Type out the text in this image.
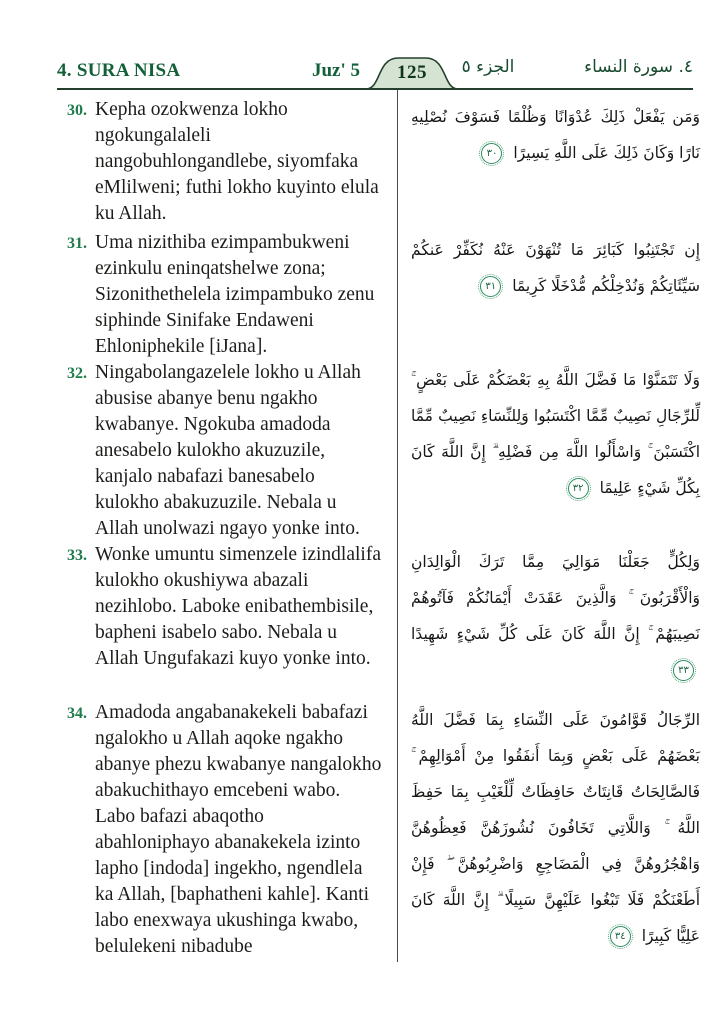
4. SURA NISA	Juz' 5	125	الجزء ٥	٤. سورة النساء
30. Kepha ozokwenza lokho ngokungalaleli nangobuhlongandlebe, siyomfaka eMlilweni; futhi lokho kuyinto elula ku Allah.

وَمَن يَفْعَلْ ذَلِكَ عُدْوَانًا وَظُلْمًا فَسَوْفَ نُصْلِيهِ نَارًا وَكَانَ ذَلِكَ عَلَى اللَّهِ يَسِيرًا ٣٠

31. Uma nizithiba ezimpambukweni ezinkulu eninqatshelwe zona; Sizonithethelela izimpambuko zenu siphinde Sinifake Endaweni Ehloniphekile [iJana].

إِن تَجْتَنِبُوا كَبَائِرَ مَا تُنْهَوْنَ عَنْهُ نُكَفِّرْ عَنكُمْ سَيِّئَاتِكُمْ وَنُدْخِلْكُم مُّدْخَلًا كَرِيمًا ٣١

32. Ningabolangazelele lokho u Allah abusise abanye benu ngakho kwabanye. Ngokuba amadoda anesabelo kulokho akuzuzile, kanjalo nabafazi banesabelo kulokho abakuzuzile. Nebala u Allah unolwazi ngayo yonke into.

وَلَا تَتَمَنَّوْا مَا فَضَّلَ اللَّهُ بِهِ بَعْضَكُمْ عَلَى بَعْضٍ ۚ لِّلرِّجَالِ نَصِيبٌ مِّمَّا اكْتَسَبُوا وَلِلنِّسَاءِ نَصِيبٌ مِّمَّا اكْتَسَبْنَ ۚ وَاسْأَلُوا اللَّهَ مِن فَضْلِهِ ۗ إِنَّ اللَّهَ كَانَ بِكُلِّ شَيْءٍ عَلِيمًا ٣٢

33. Wonke umuntu simenzele izindlalifa kulokho okushiywa abazali nezihlobo. Laboke enibathembisile, bapheni isabelo sabo. Nebala u Allah Ungufakazi kuyo yonke into.

وَلِكُلٍّ جَعَلْنَا مَوَالِيَ مِمَّا تَرَكَ الْوَالِدَانِ وَالْأَقْرَبُونَ ۚ وَالَّذِينَ عَقَدَتْ أَيْمَانُكُمْ فَآتُوهُمْ نَصِيبَهُمْ ۚ إِنَّ اللَّهَ كَانَ عَلَى كُلِّ شَيْءٍ شَهِيدًا ٣٣

34. Amadoda angabanakekeli babafazi ngalokho u Allah aqoke ngakho abanye phezu kwabanye nangalokho abakuchithayo emcebeni wabo. Labo bafazi abaqotho abahloniphayo abanakekela izinto lapho [indoda] ingekho, ngendlela ka Allah, [baphatheni kahle]. Kanti labo enexwaya ukushinga kwabo, belulekeni nibadube

الرِّجَالُ قَوَّامُونَ عَلَى النِّسَاءِ بِمَا فَضَّلَ اللَّهُ بَعْضَهُمْ عَلَى بَعْضٍ وَبِمَا أَنفَقُوا مِنْ أَمْوَالِهِمْ ۚ فَالصَّالِحَاتُ قَانِتَاتٌ حَافِظَاتٌ لِّلْغَيْبِ بِمَا حَفِظَ اللَّهُ ۚ وَاللَّاتِي تَخَافُونَ نُشُوزَهُنَّ فَعِظُوهُنَّ وَاهْجُرُوهُنَّ فِي الْمَضَاجِعِ وَاضْرِبُوهُنَّ ۖ فَإِنْ أَطَعْنَكُمْ فَلَا تَبْغُوا عَلَيْهِنَّ سَبِيلًا ۗ إِنَّ اللَّهَ كَانَ عَلِيًّا كَبِيرًا ٣٤
